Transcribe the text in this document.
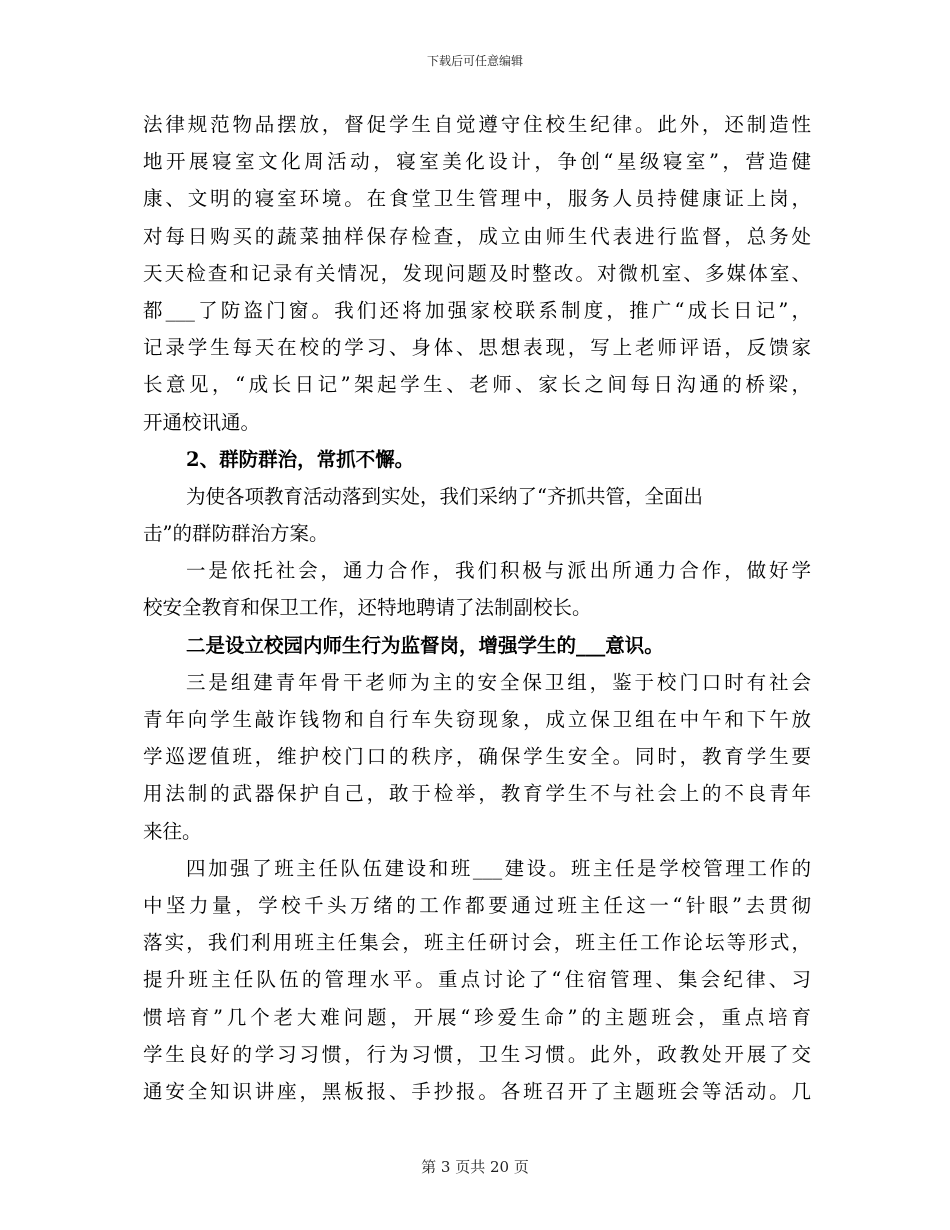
下载后可任意编辑
法律规范物品摆放，督促学生自觉遵守住校生纪律。此外，还制造性
地开展寝室文化周活动，寝室美化设计，争创“星级寝室”，营造健
康、文明的寝室环境。在食堂卫生管理中，服务人员持健康证上岗，
对每日购买的蔬菜抽样保存检查，成立由师生代表进行监督，总务处
天天检查和记录有关情况，发现问题及时整改。对微机室、多媒体室、
都___了防盗门窗。我们还将加强家校联系制度，推广“成长日记”，
记录学生每天在校的学习、身体、思想表现，写上老师评语，反馈家
长意见，“成长日记”架起学生、老师、家长之间每日沟通的桥梁，
开通校讯通。
2、群防群治，常抓不懈。
为使各项教育活动落到实处，我们采纳了“齐抓共管，全面出
击”的群防群治方案。
一是依托社会，通力合作，我们积极与派出所通力合作，做好学
校安全教育和保卫工作，还特地聘请了法制副校长。
二是设立校园内师生行为监督岗，增强学生的___意识。
三是组建青年骨干老师为主的安全保卫组，鉴于校门口时有社会
青年向学生敲诈钱物和自行车失窃现象，成立保卫组在中午和下午放
学巡逻值班，维护校门口的秩序，确保学生安全。同时，教育学生要
用法制的武器保护自己，敢于检举，教育学生不与社会上的不良青年
来往。
四加强了班主任队伍建设和班___建设。班主任是学校管理工作的
中坚力量，学校千头万绪的工作都要通过班主任这一“针眼”去贯彻
落实，我们利用班主任集会，班主任研讨会，班主任工作论坛等形式，
提升班主任队伍的管理水平。重点讨论了“住宿管理、集会纪律、习
惯培育”几个老大难问题，开展“珍爱生命”的主题班会，重点培育
学生良好的学习习惯，行为习惯，卫生习惯。此外，政教处开展了交
通安全知识讲座，黑板报、手抄报。各班召开了主题班会等活动。几
第 3 页共 20 页
